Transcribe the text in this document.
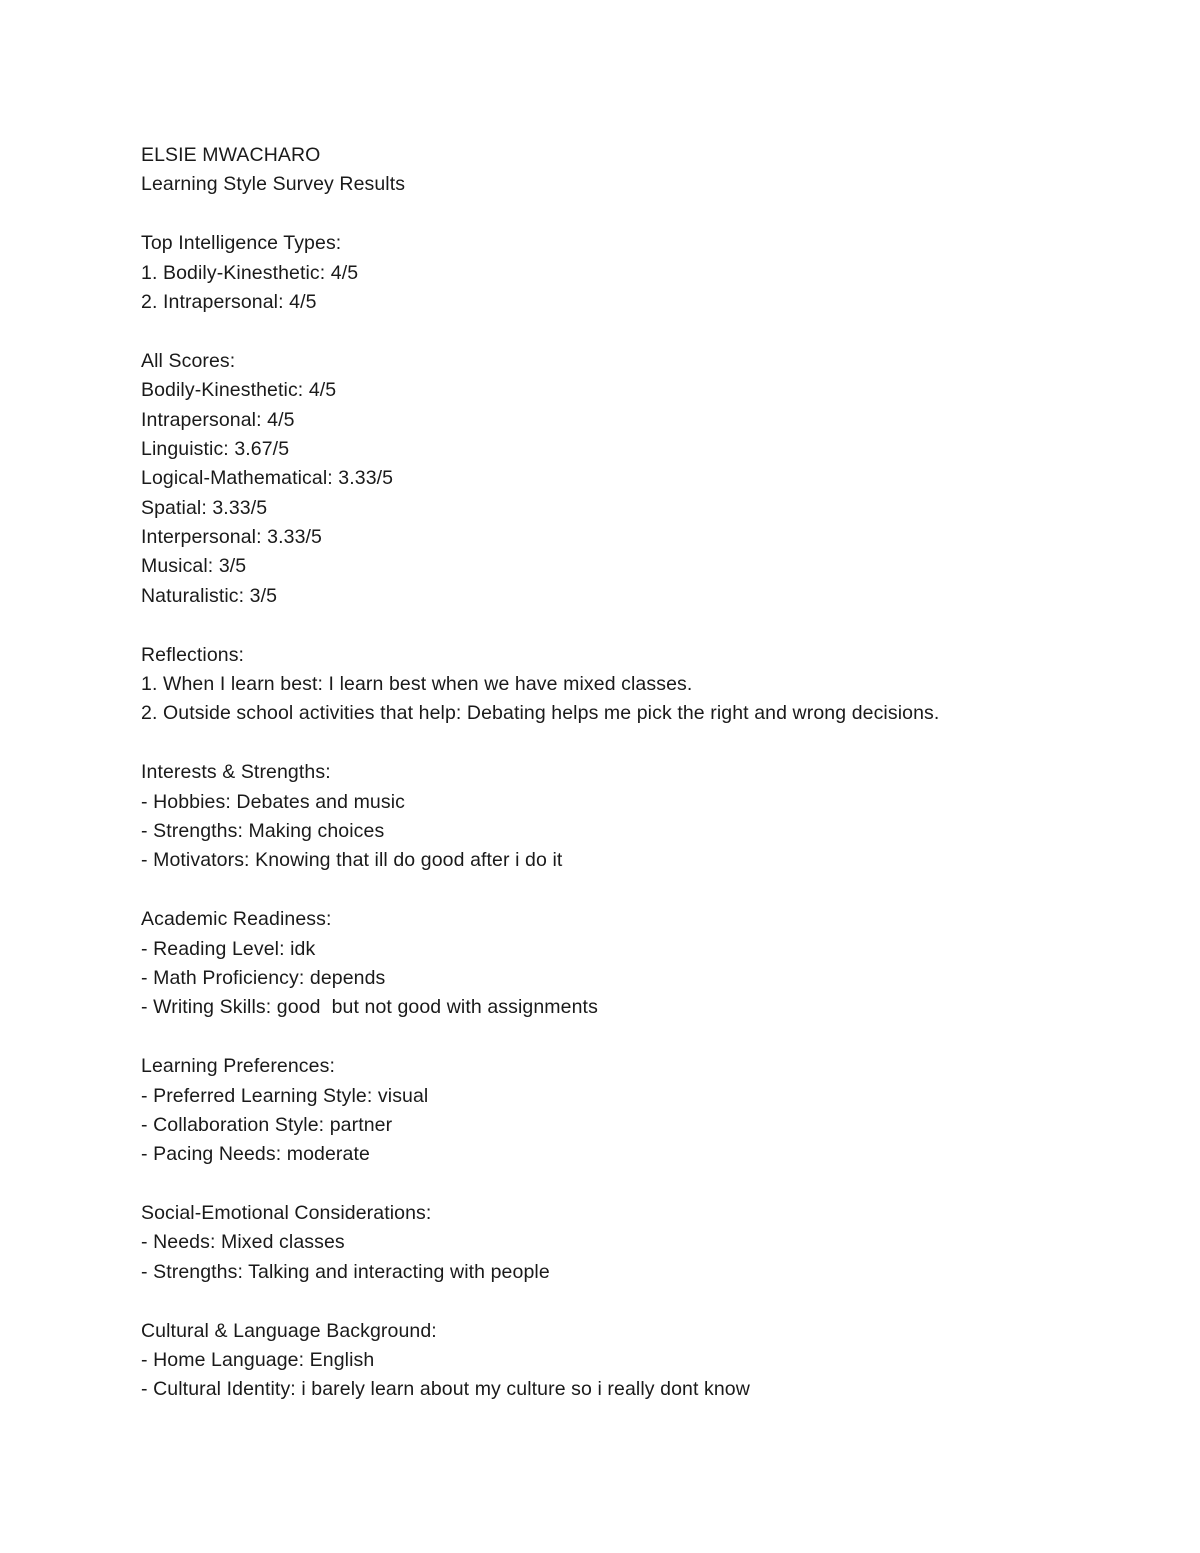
ELSIE MWACHARO
Learning Style Survey Results
Top Intelligence Types:
1. Bodily-Kinesthetic: 4/5
2. Intrapersonal: 4/5
All Scores:
Bodily-Kinesthetic: 4/5
Intrapersonal: 4/5
Linguistic: 3.67/5
Logical-Mathematical: 3.33/5
Spatial: 3.33/5
Interpersonal: 3.33/5
Musical: 3/5
Naturalistic: 3/5
Reflections:
1. When I learn best: I learn best when we have mixed classes.
2. Outside school activities that help: Debating helps me pick the right and wrong decisions.
Interests & Strengths:
- Hobbies: Debates and music
- Strengths: Making choices
- Motivators: Knowing that ill do good after i do it
Academic Readiness:
- Reading Level: idk
- Math Proficiency: depends
- Writing Skills: good  but not good with assignments
Learning Preferences:
- Preferred Learning Style: visual
- Collaboration Style: partner
- Pacing Needs: moderate
Social-Emotional Considerations:
- Needs: Mixed classes
- Strengths: Talking and interacting with people
Cultural & Language Background:
- Home Language: English
- Cultural Identity: i barely learn about my culture so i really dont know
